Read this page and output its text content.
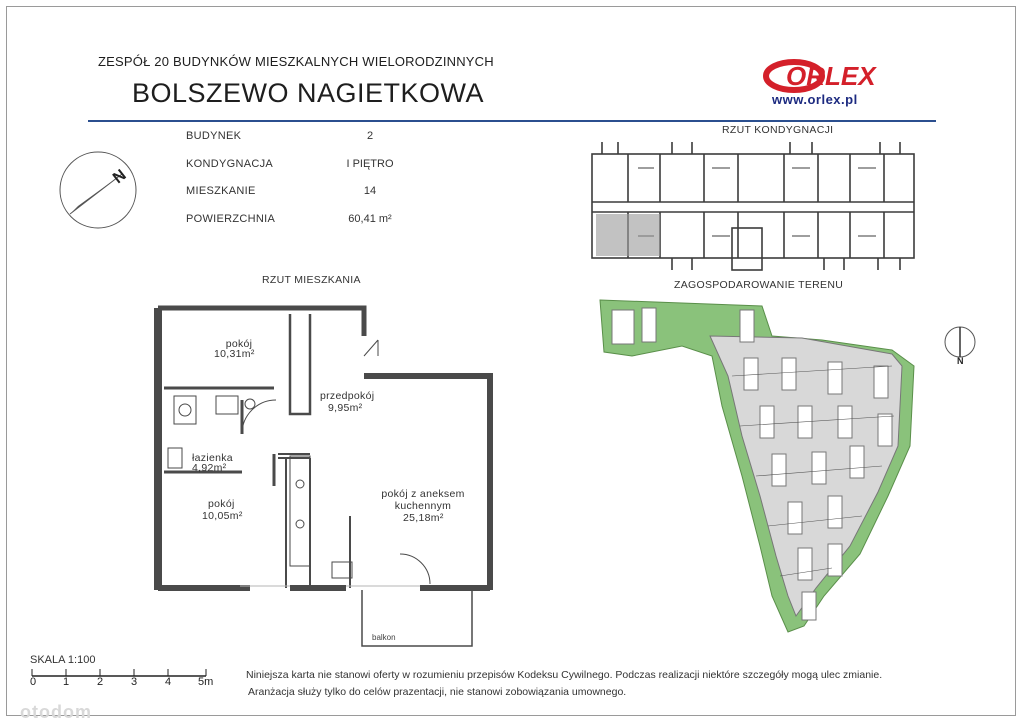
ZESPÓŁ 20 BUDYNKÓW MIESZKALNYCH WIELORODZINNYCH
BOLSZEWO NAGIETKOWA
ORLEX
www.orlex.pl
N
BUDYNEK	2
KONDYGNACJA	I PIĘTRO
MIESZKANIE	14
POWIERZCHNIA	60,41 m²
RZUT MIESZKANIA
pokój
10,31m²
przedpokój
9,95m²
łazienka
4,92m²
pokój
10,05m²
pokój z aneksem kuchennym
25,18m²
balkon
RZUT KONDYGNACJI
ZAGOSPODAROWANIE TERENU
N
SKALA 1:100
0 1	2	3	4 5m
Niniejsza karta nie stanowi oferty w rozumieniu przepisów Kodeksu Cywilnego. Podczas realizacji niektóre szczegóły mogą ulec zmianie.
Aranżacja służy tylko do celów prazentacji, nie stanowi zobowiązania umownego.
otodom
